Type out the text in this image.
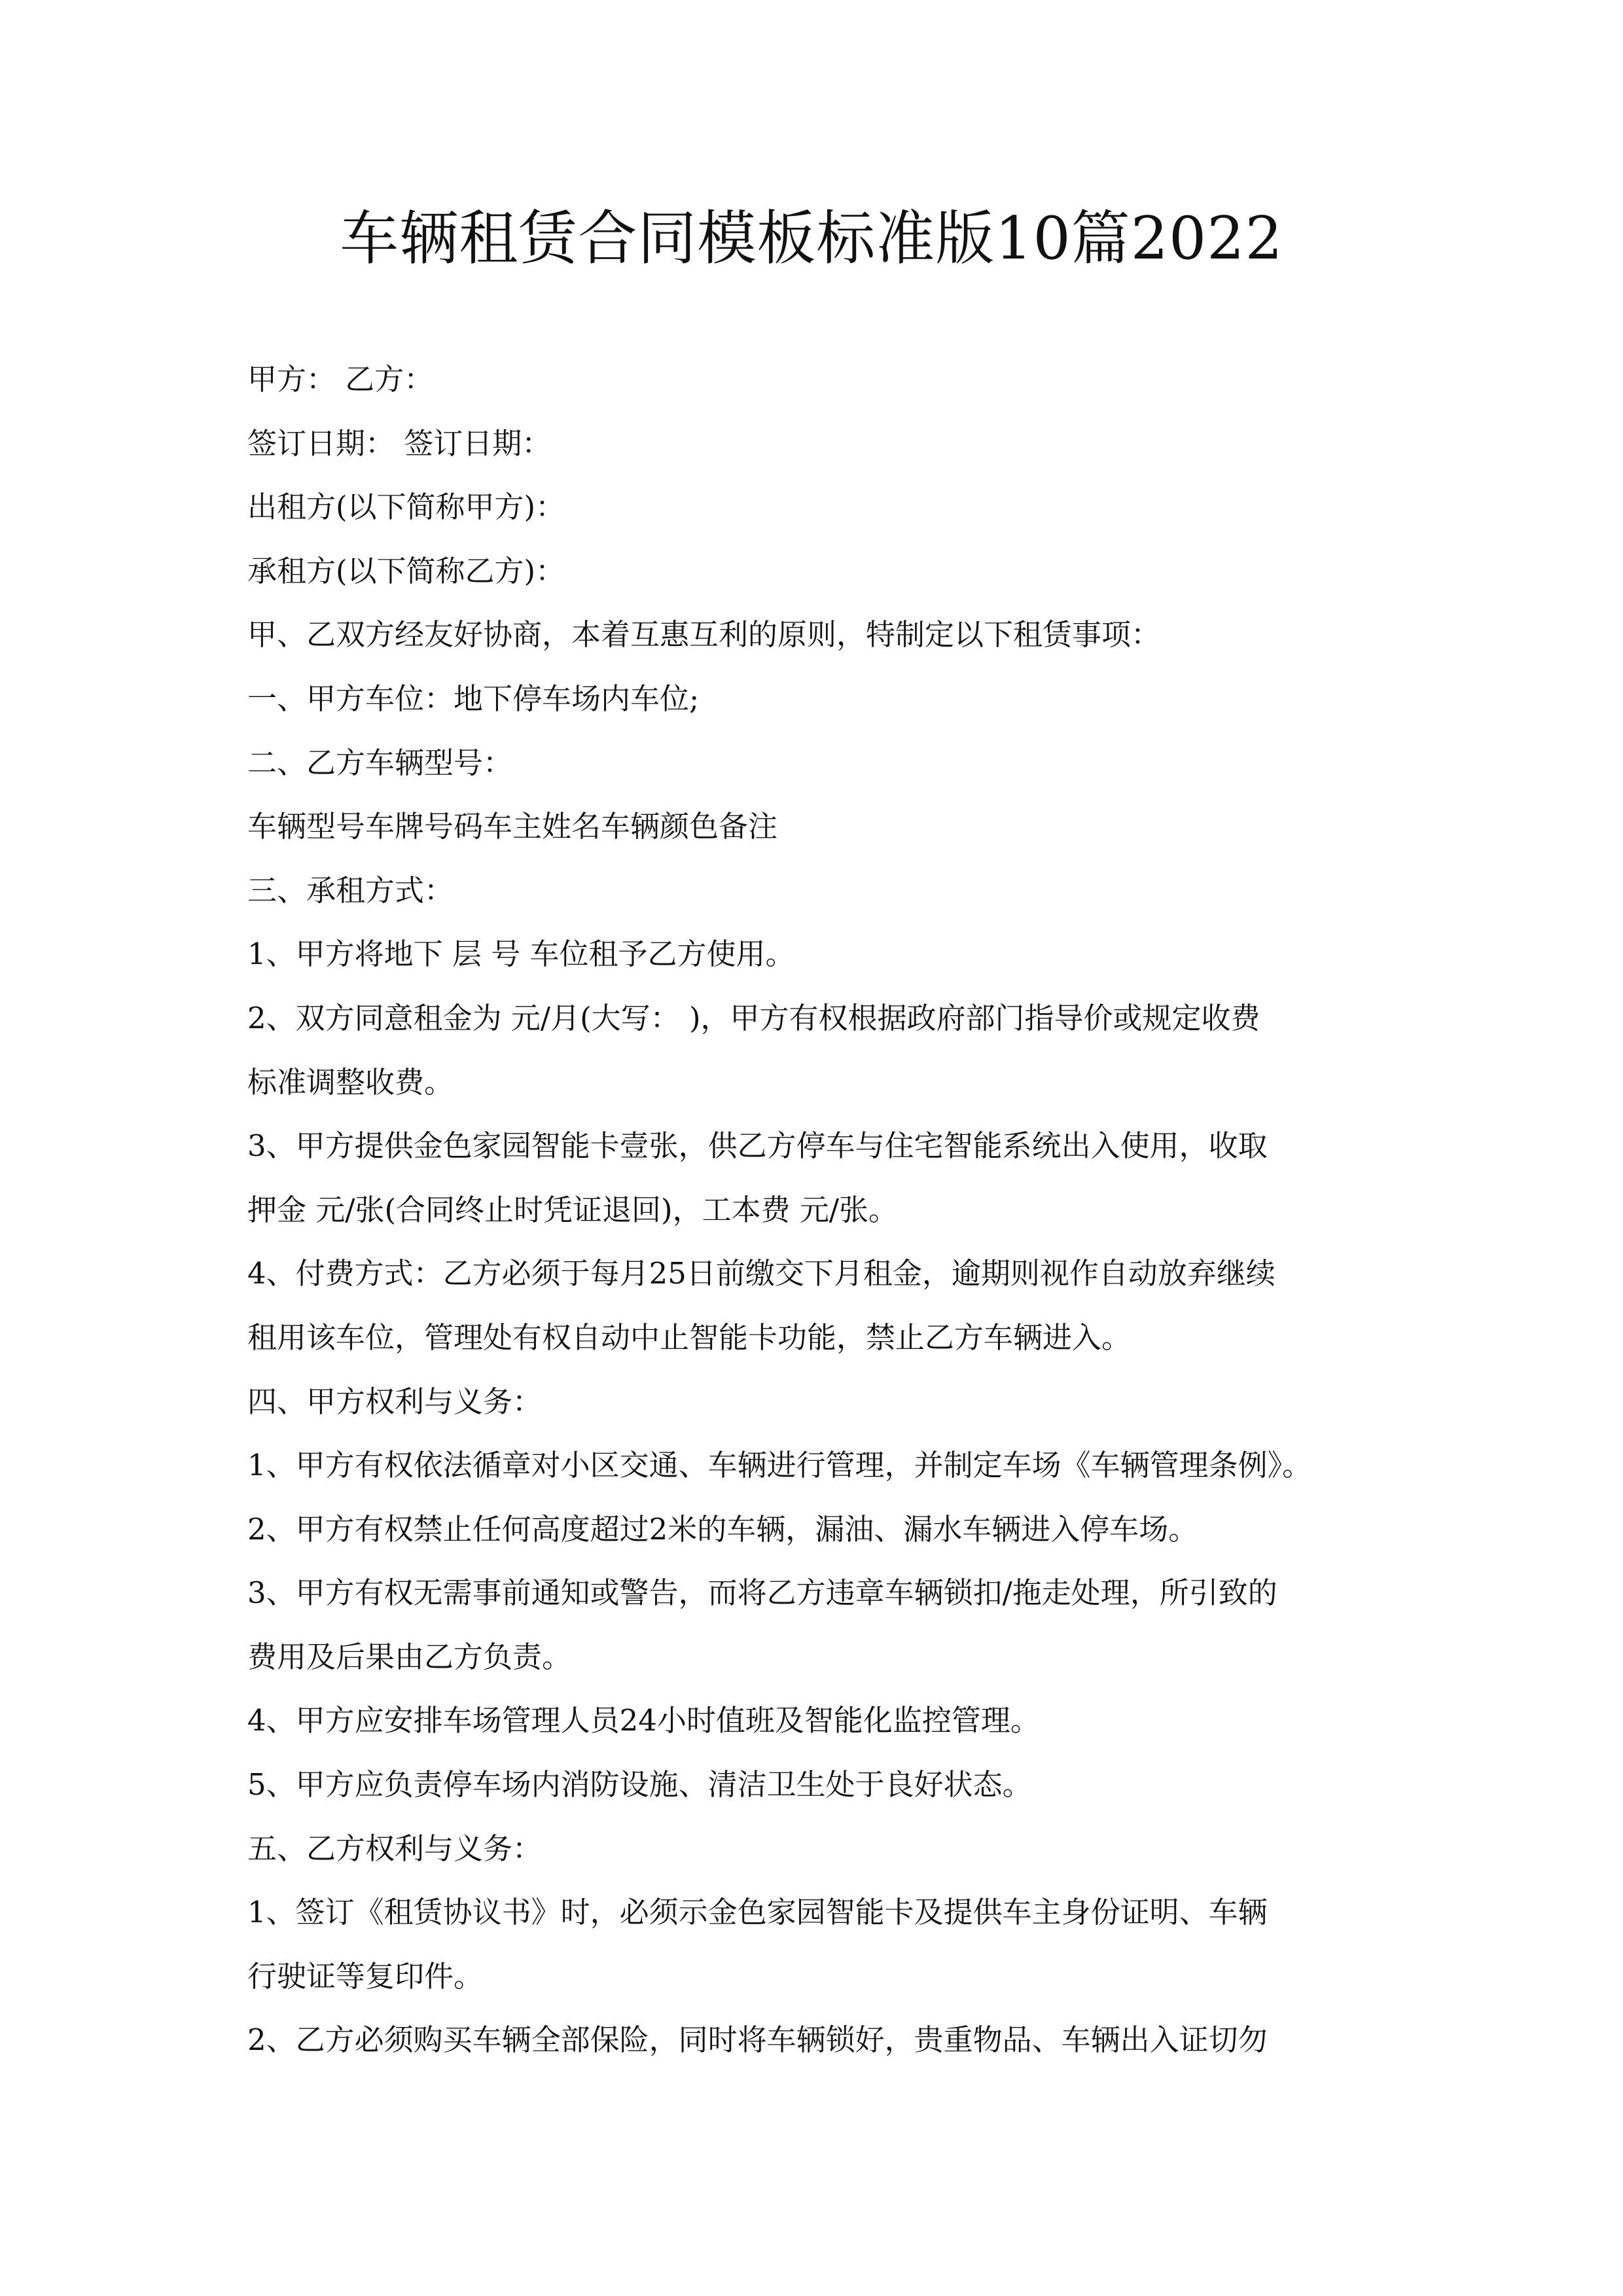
车辆租赁合同模板标准版10篇2022
甲方： 乙方：
签订日期： 签订日期：
出租方(以下简称甲方)：
承租方(以下简称乙方)：
甲、乙双方经友好协商，本着互惠互利的原则，特制定以下租赁事项：
一、甲方车位：地下停车场内车位;
二、乙方车辆型号：
车辆型号车牌号码车主姓名车辆颜色备注
三、承租方式：
1、甲方将地下 层 号 车位租予乙方使用。
2、双方同意租金为 元/月(大写： )，甲方有权根据政府部门指导价或规定收费
标准调整收费。
3、甲方提供金色家园智能卡壹张，供乙方停车与住宅智能系统出入使用，收取
押金 元/张(合同终止时凭证退回)，工本费 元/张。
4、付费方式：乙方必须于每月25日前缴交下月租金，逾期则视作自动放弃继续
租用该车位，管理处有权自动中止智能卡功能，禁止乙方车辆进入。
四、甲方权利与义务：
1、甲方有权依法循章对小区交通、车辆进行管理，并制定车场《车辆管理条例》。
2、甲方有权禁止任何高度超过2米的车辆，漏油、漏水车辆进入停车场。
3、甲方有权无需事前通知或警告，而将乙方违章车辆锁扣/拖走处理，所引致的
费用及后果由乙方负责。
4、甲方应安排车场管理人员24小时值班及智能化监控管理。
5、甲方应负责停车场内消防设施、清洁卫生处于良好状态。
五、乙方权利与义务：
1、签订《租赁协议书》时，必须示金色家园智能卡及提供车主身份证明、车辆
行驶证等复印件。
2、乙方必须购买车辆全部保险，同时将车辆锁好，贵重物品、车辆出入证切勿
